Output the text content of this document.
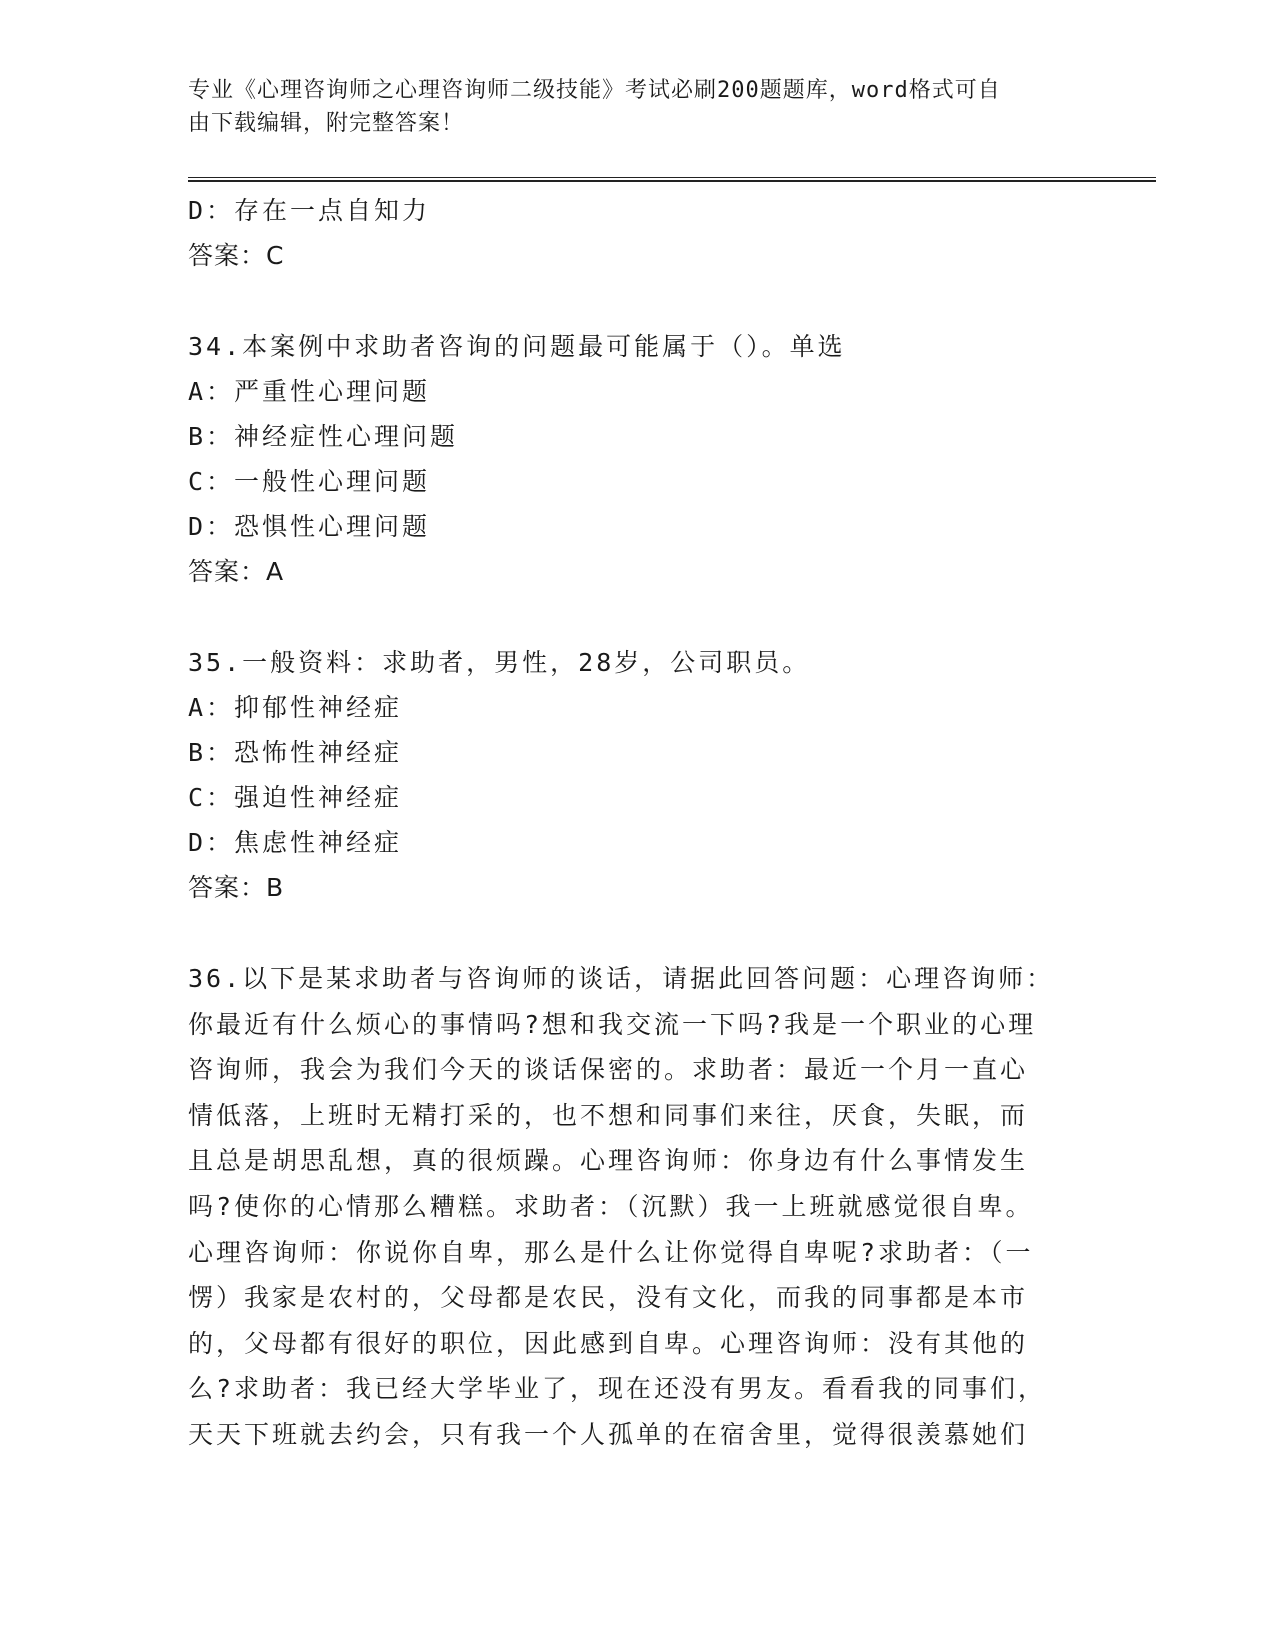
专业《心理咨询师之心理咨询师二级技能》考试必刷200题题库，word格式可自
由下载编辑，附完整答案！
D：存在一点自知力
答案：C
34.本案例中求助者咨询的问题最可能属于（）。单选
A：严重性心理问题
B：神经症性心理问题
C：一般性心理问题
D：恐惧性心理问题
答案：A
35.一般资料：求助者，男性，28岁，公司职员。
A：抑郁性神经症
B：恐怖性神经症
C：强迫性神经症
D：焦虑性神经症
答案：B
36.以下是某求助者与咨询师的谈话，请据此回答问题：心理咨询师：
你最近有什么烦心的事情吗?想和我交流一下吗?我是一个职业的心理
咨询师，我会为我们今天的谈话保密的。求助者：最近一个月一直心
情低落，上班时无精打采的，也不想和同事们来往，厌食，失眠，而
且总是胡思乱想，真的很烦躁。心理咨询师：你身边有什么事情发生
吗?使你的心情那么糟糕。求助者：（沉默）我一上班就感觉很自卑。
心理咨询师：你说你自卑，那么是什么让你觉得自卑呢?求助者：（一
愣）我家是农村的，父母都是农民，没有文化，而我的同事都是本市
的，父母都有很好的职位，因此感到自卑。心理咨询师：没有其他的
么?求助者：我已经大学毕业了，现在还没有男友。看看我的同事们，
天天下班就去约会，只有我一个人孤单的在宿舍里，觉得很羡慕她们
